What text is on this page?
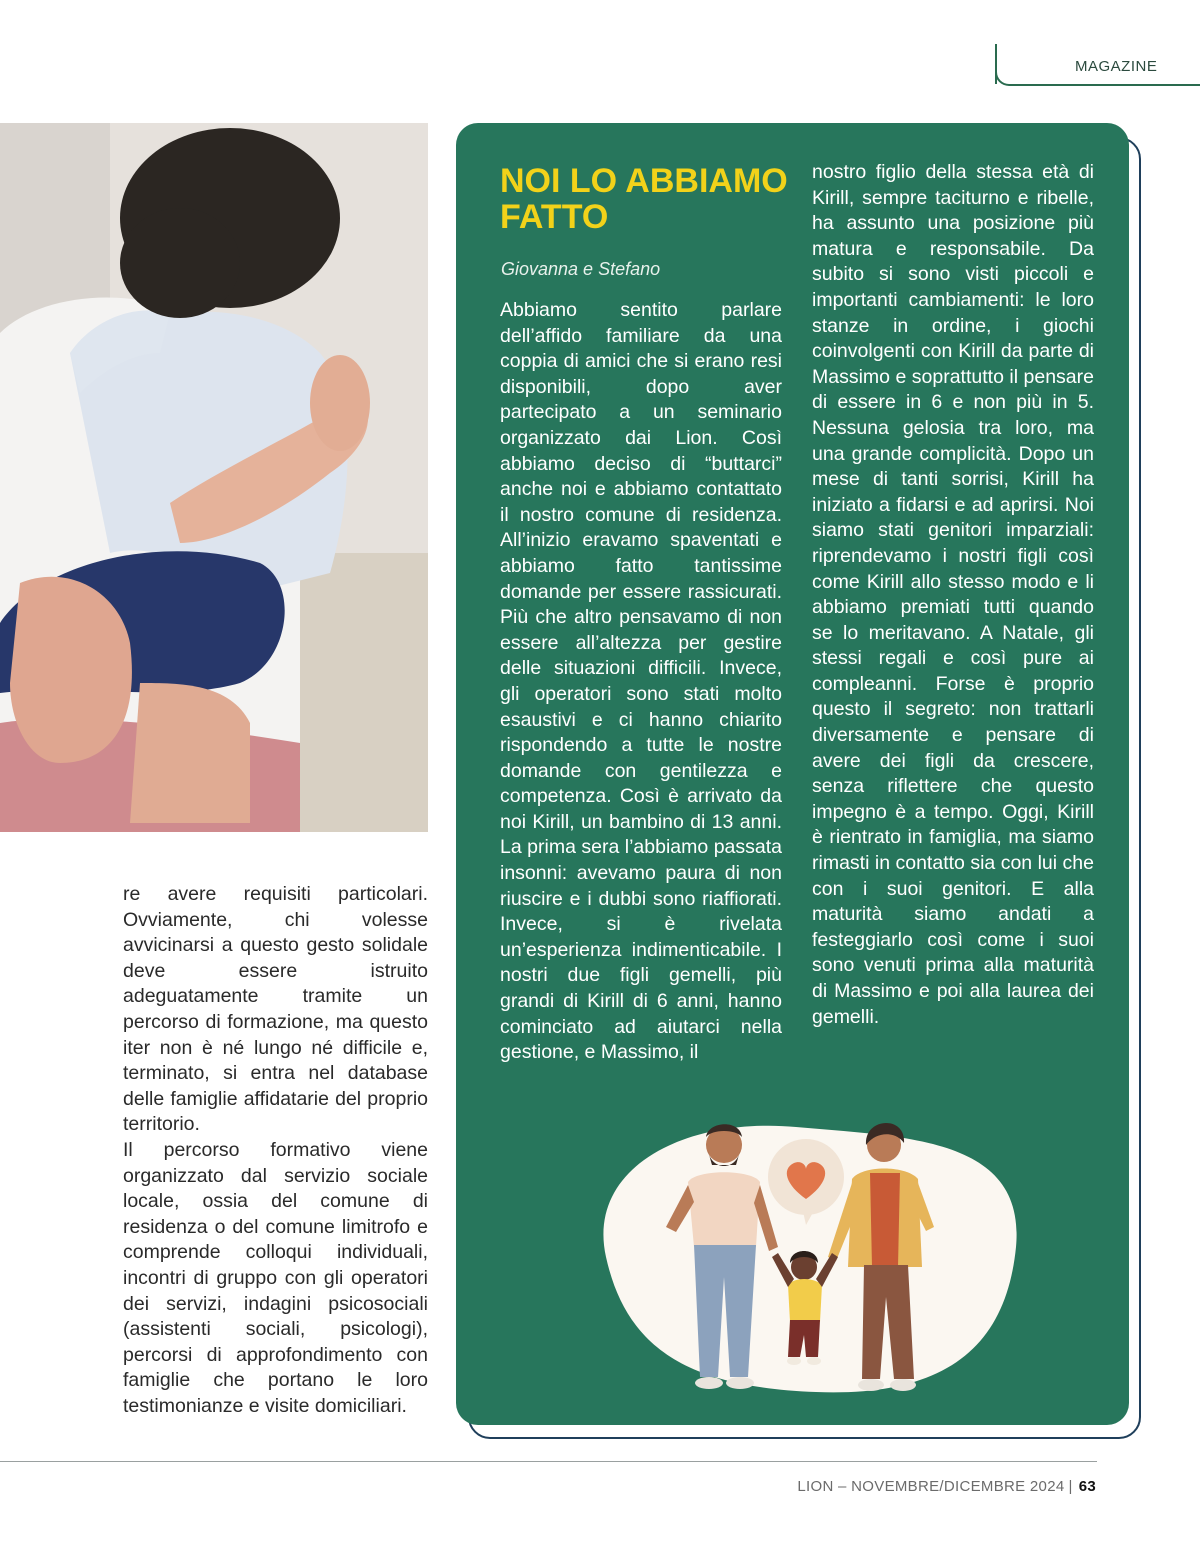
MAGAZINE

re avere requisiti particolari. Ovviamente, chi volesse avvicinarsi a questo gesto solidale deve essere istruito adeguatamente tramite un percorso di formazione, ma questo iter non è né lungo né difficile e, terminato, si entra nel database delle famiglie affidatarie del proprio territorio.

Il percorso formativo viene organizzato dal servizio sociale locale, ossia del comune di residenza o del comune limitrofo e comprende colloqui individuali, incontri di gruppo con gli operatori dei servizi, indagini psicosociali (assistenti sociali, psicologi), percorsi di approfondimento con famiglie che portano le loro testimonianze e visite domiciliari.

NOI LO ABBIAMO FATTO
Giovanna e Stefano

Abbiamo sentito parlare dell’affido familiare da una coppia di amici che si erano resi disponibili, dopo aver partecipato a un seminario organizzato dai Lion. Così abbiamo deciso di “buttarci” anche noi e abbiamo contattato il nostro comune di residenza. All’inizio eravamo spaventati e abbiamo fatto tantissime domande per essere rassicurati. Più che altro pensavamo di non essere all’altezza per gestire delle situazioni difficili. Invece, gli operatori sono stati molto esaustivi e ci hanno chiarito rispondendo a tutte le nostre domande con gentilezza e competenza. Così è arrivato da noi Kirill, un bambino di 13 anni. La prima sera l’abbiamo passata insonni: avevamo paura di non riuscire e i dubbi sono riaffiorati. Invece, si è rivelata un’esperienza indimenticabile. I nostri due figli gemelli, più grandi di Kirill di 6 anni, hanno cominciato ad aiutarci nella gestione, e Massimo, il

nostro figlio della stessa età di Kirill, sempre taciturno e ribelle, ha assunto una posizione più matura e responsabile. Da subito si sono visti piccoli e importanti cambiamenti: le loro stanze in ordine, i giochi coinvolgenti con Kirill da parte di Massimo e soprattutto il pensare di essere in 6 e non più in 5. Nessuna gelosia tra loro, ma una grande complicità. Dopo un mese di tanti sorrisi, Kirill ha iniziato a fidarsi e ad aprirsi. Noi siamo stati genitori imparziali: riprendevamo i nostri figli così come Kirill allo stesso modo e li abbiamo premiati tutti quando se lo meritavano. A Natale, gli stessi regali e così pure ai compleanni. Forse è proprio questo il segreto: non trattarli diversamente e pensare di avere dei figli da crescere, senza riflettere che questo impegno è a tempo. Oggi, Kirill è rientrato in famiglia, ma siamo rimasti in contatto sia con lui che con i suoi genitori. E alla maturità siamo andati a festeggiarlo così come i suoi sono venuti prima alla maturità di Massimo e poi alla laurea dei gemelli.

LION – NOVEMBRE/DICEMBRE 2024 | 63
